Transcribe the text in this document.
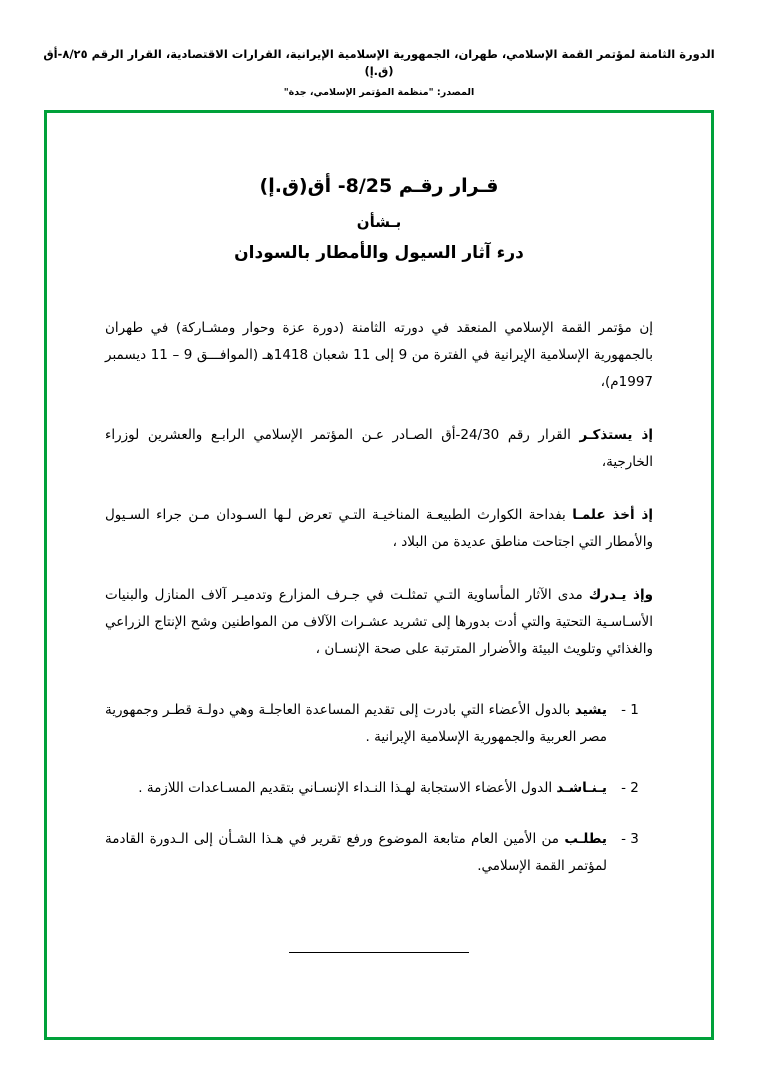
الدورة الثامنة لمؤتمر القمة الإسلامي، طهران، الجمهورية الإسلامية الإيرانية، القرارات الاقتصادية، القرار الرقم ٨/٢٥-أق (ق.إ)
المصدر: "منظمة المؤتمر الإسلامي، جدة"
قـرار رقـم 8/25- أق(ق.إ)
بـشأن
درء آثار السيول والأمطار بالسودان
إن مؤتمر القمة الإسلامي المنعقد في دورته الثامنة (دورة عزة وحوار ومشـاركة) في طهران بالجمهورية الإسلامية الإيرانية في الفترة من 9 إلى 11 شعبان 1418هـ (الموافـــق 9 – 11 ديسمبر 1997م)،
إذ يستذكـر القرار رقم 24/30-أق الصـادر عـن المؤتمر الإسلامي الرابـع والعشرين لوزراء الخارجية،
إذ أخذ علمـا بفداحة الكوارث الطبيعـة المناخيـة التـي تعرض لـها السـودان مـن جراء السـيول والأمطار التي اجتاحت مناطق عديدة من البلاد ،
وإذ يـدرك مدى الآثار المأساوية التـي تمثلـت في جـرف المزارع وتدميـر آلاف المنازل والبنيات الأسـاسـية التحتية والتي أدت بدورها إلى تشريد عشـرات الآلاف من المواطنين وشح الإنتاج الزراعي والغذائي وتلويث البيئة والأضرار المترتبة على صحة الإنسـان ،
1 -
يشيد بالدول الأعضاء التي بادرت إلى تقديم المساعدة العاجلـة وهي دولـة قطـر وجمهورية مصر العربية والجمهورية الإسلامية الإيرانية .
2 -
يـنـاشـد الدول الأعضاء الاستجابة لهـذا النـداء الإنسـاني بتقديم المسـاعدات اللازمة .
3 -
يطلـب من الأمين العام متابعة الموضوع ورفع تقرير في هـذا الشـأن إلى الـدورة القادمة لمؤتمر القمة الإسلامي.
